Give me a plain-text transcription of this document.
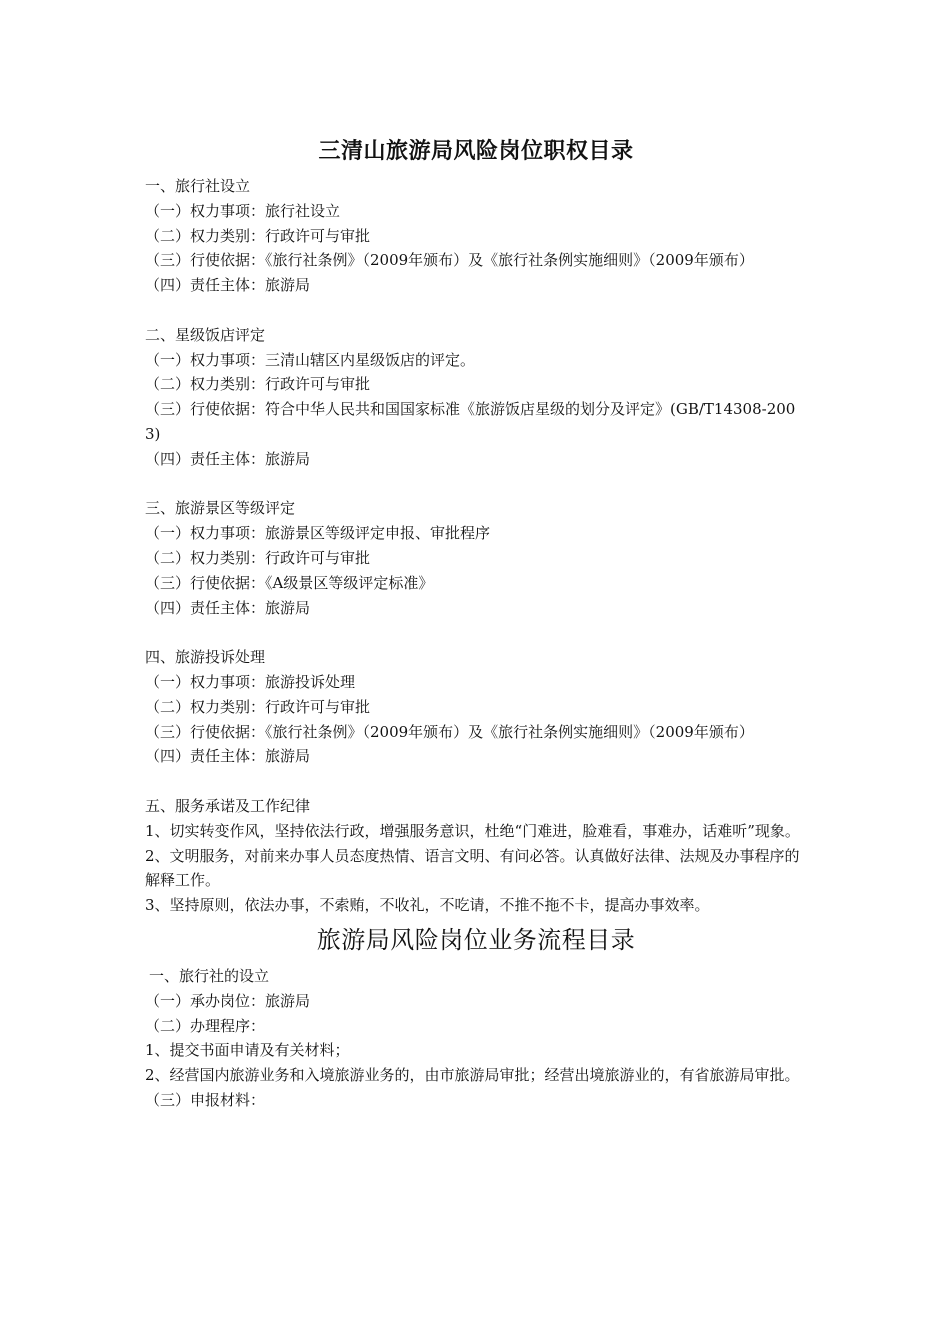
三清山旅游局风险岗位职权目录

一、旅行社设立

（一）权力事项：旅行社设立

（二）权力类别：行政许可与审批

（三）行使依据：《旅行社条例》（2009年颁布）及《旅行社条例实施细则》（2009年颁布）

（四）责任主体：旅游局

二、星级饭店评定

（一）权力事项：三清山辖区内星级饭店的评定。

（二）权力类别：行政许可与审批

（三）行使依据：符合中华人民共和国国家标准《旅游饭店星级的划分及评定》(GB/T14308-2003)

（四）责任主体：旅游局

三、旅游景区等级评定

（一）权力事项：旅游景区等级评定申报、审批程序

（二）权力类别：行政许可与审批

（三）行使依据：《A级景区等级评定标准》

（四）责任主体：旅游局

四、旅游投诉处理

（一）权力事项：旅游投诉处理

（二）权力类别：行政许可与审批

（三）行使依据：《旅行社条例》（2009年颁布）及《旅行社条例实施细则》（2009年颁布）

（四）责任主体：旅游局

五、服务承诺及工作纪律

1、切实转变作风，坚持依法行政，增强服务意识，杜绝“门难进，脸难看，事难办，话难听”现象。

2、文明服务，对前来办事人员态度热情、语言文明、有问必答。认真做好法律、法规及办事程序的解释工作。

3、坚持原则，依法办事，不索贿，不收礼，不吃请，不推不拖不卡，提高办事效率。

旅游局风险岗位业务流程目录

一、旅行社的设立

（一）承办岗位：旅游局

（二）办理程序：

1、提交书面申请及有关材料；

2、经营国内旅游业务和入境旅游业务的，由市旅游局审批；经营出境旅游业的，有省旅游局审批。

（三）申报材料：
